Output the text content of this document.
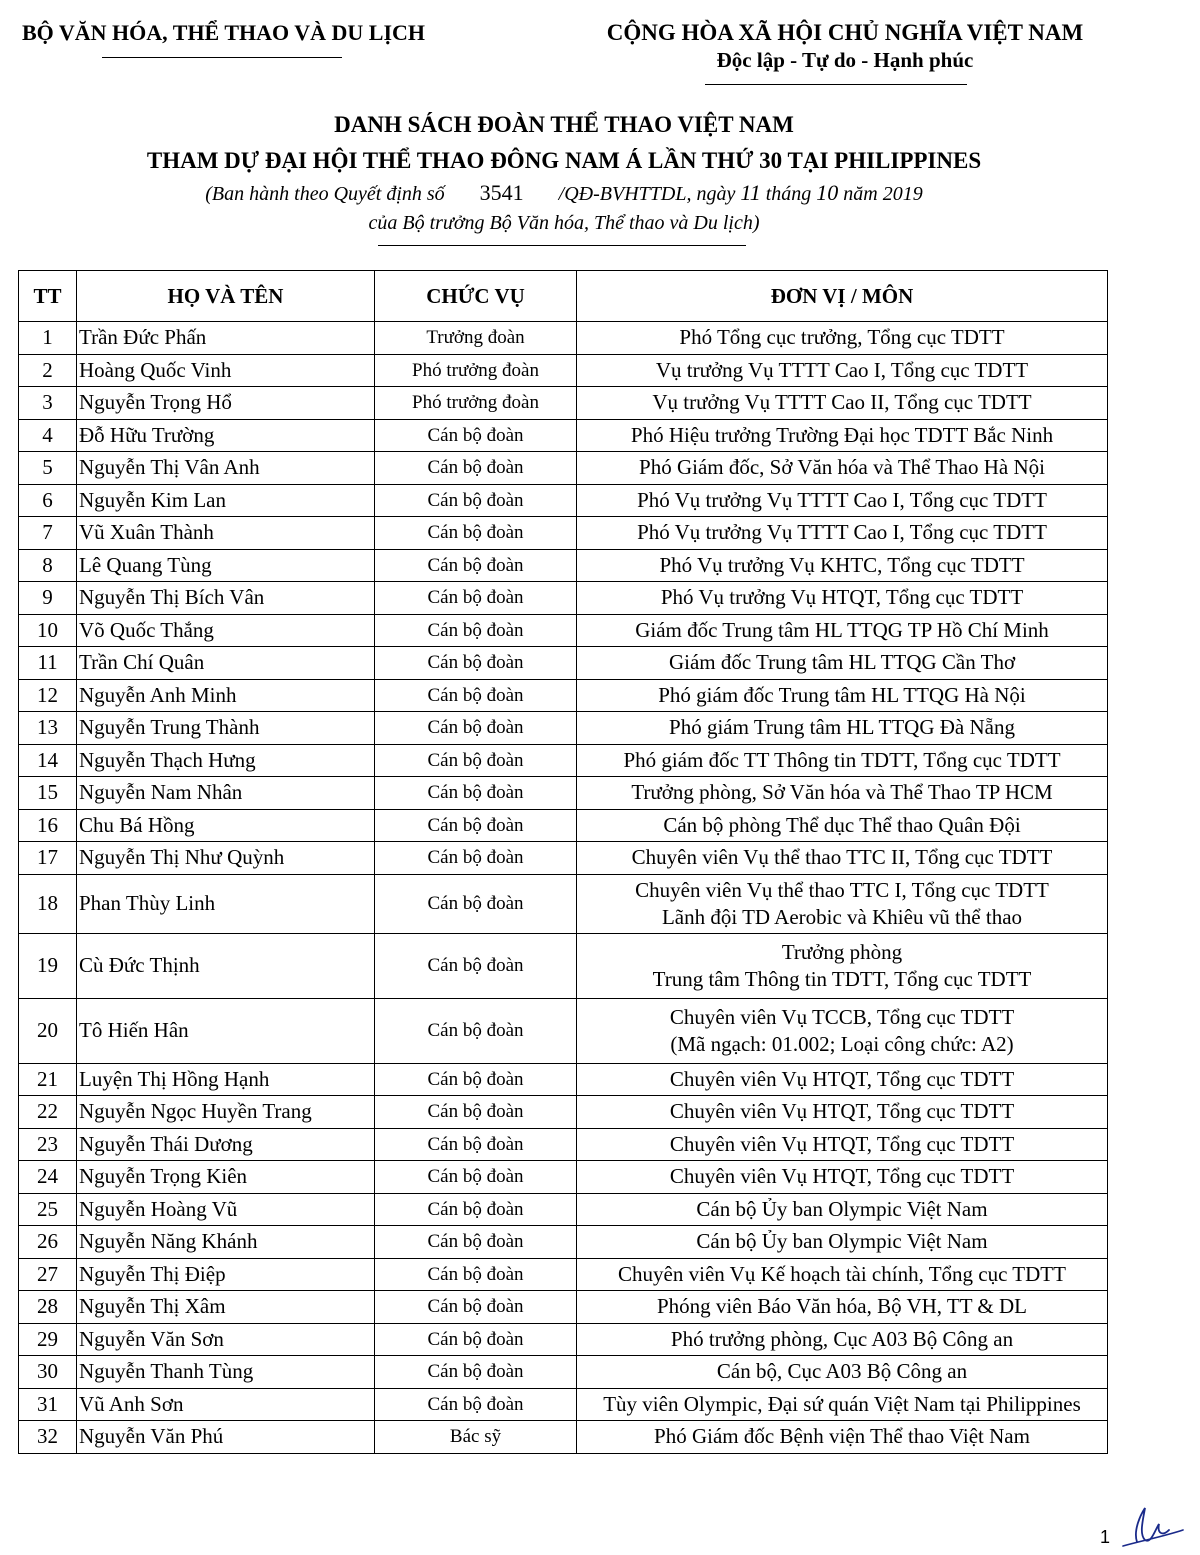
BỘ VĂN HÓA, THỂ THAO VÀ DU LỊCH	CỘNG HÒA XÃ HỘI CHỦ NGHĨA VIỆT NAM
Độc lập - Tự do - Hạnh phúc
DANH SÁCH ĐOÀN THỂ THAO VIỆT NAM
THAM DỰ ĐẠI HỘI THỂ THAO ĐÔNG NAM Á LẦN THỨ 30 TẠI PHILIPPINES
(Ban hành theo Quyết định số 3541 /QĐ-BVHTTDL, ngày 11 tháng 10 năm 2019
của Bộ trưởng Bộ Văn hóa, Thể thao và Du lịch)
TT	HỌ VÀ TÊN	CHỨC VỤ	ĐƠN VỊ / MÔN
1	Trần Đức Phấn	Trưởng đoàn	Phó Tổng cục trưởng, Tổng cục TDTT

2	Hoàng Quốc Vinh	Phó trưởng đoàn	Vụ trưởng Vụ TTTT Cao I, Tổng cục TDTT

3	Nguyễn Trọng Hổ	Phó trưởng đoàn	Vụ trưởng Vụ TTTT Cao II, Tổng cục TDTT

4	Đỗ Hữu Trường	Cán bộ đoàn	Phó Hiệu trưởng Trường Đại học TDTT Bắc Ninh

5	Nguyễn Thị Vân Anh	Cán bộ đoàn	Phó Giám đốc, Sở Văn hóa và Thể Thao Hà Nội

6	Nguyễn Kim Lan	Cán bộ đoàn	Phó Vụ trưởng Vụ TTTT Cao I, Tổng cục TDTT

7	Vũ Xuân Thành	Cán bộ đoàn	Phó Vụ trưởng Vụ TTTT Cao I, Tổng cục TDTT

8	Lê Quang Tùng	Cán bộ đoàn	Phó Vụ trưởng Vụ KHTC, Tổng cục TDTT

9	Nguyễn Thị Bích Vân	Cán bộ đoàn	Phó Vụ trưởng Vụ HTQT, Tổng cục TDTT

10	Võ Quốc Thắng	Cán bộ đoàn	Giám đốc Trung tâm HL TTQG TP Hồ Chí Minh

11	Trần Chí Quân	Cán bộ đoàn	Giám đốc Trung tâm HL TTQG Cần Thơ

12	Nguyễn Anh Minh	Cán bộ đoàn	Phó giám đốc Trung tâm HL TTQG Hà Nội

13	Nguyễn Trung Thành	Cán bộ đoàn	Phó giám Trung tâm HL TTQG Đà Nẵng

14	Nguyễn Thạch Hưng	Cán bộ đoàn	Phó giám đốc TT Thông tin TDTT, Tổng cục TDTT

15	Nguyễn Nam Nhân	Cán bộ đoàn	Trưởng phòng, Sở Văn hóa và Thể Thao TP HCM

16	Chu Bá Hồng	Cán bộ đoàn	Cán bộ phòng Thể dục Thể thao Quân Đội

17	Nguyễn Thị Như Quỳnh	Cán bộ đoàn	Chuyên viên Vụ thể thao TTC II, Tổng cục TDTT

18	Phan Thùy Linh	Cán bộ đoàn	Chuyên viên Vụ thể thao TTC I, Tổng cục TDTT
Lãnh đội TD Aerobic và Khiêu vũ thể thao

19	Cù Đức Thịnh	Cán bộ đoàn	Trưởng phòng
Trung tâm Thông tin TDTT, Tổng cục TDTT

20	Tô Hiến Hân	Cán bộ đoàn	Chuyên viên Vụ TCCB, Tổng cục TDTT
(Mã ngạch: 01.002; Loại công chức: A2)

21	Luyện Thị Hồng Hạnh	Cán bộ đoàn	Chuyên viên Vụ HTQT, Tổng cục TDTT

22	Nguyễn Ngọc Huyền Trang	Cán bộ đoàn	Chuyên viên Vụ HTQT, Tổng cục TDTT

23	Nguyễn Thái Dương	Cán bộ đoàn	Chuyên viên Vụ HTQT, Tổng cục TDTT

24	Nguyễn Trọng Kiên	Cán bộ đoàn	Chuyên viên Vụ HTQT, Tổng cục TDTT

25	Nguyễn Hoàng Vũ	Cán bộ đoàn	Cán bộ Ủy ban Olympic Việt Nam

26	Nguyễn Năng Khánh	Cán bộ đoàn	Cán bộ Ủy ban Olympic Việt Nam

27	Nguyễn Thị Điệp	Cán bộ đoàn	Chuyên viên Vụ Kế hoạch tài chính, Tổng cục TDTT

28	Nguyễn Thị Xâm	Cán bộ đoàn	Phóng viên Báo Văn hóa, Bộ VH, TT & DL

29	Nguyễn Văn Sơn	Cán bộ đoàn	Phó trưởng phòng, Cục A03 Bộ Công an

30	Nguyễn Thanh Tùng	Cán bộ đoàn	Cán bộ, Cục A03 Bộ Công an

31	Vũ Anh Sơn	Cán bộ đoàn	Tùy viên Olympic, Đại sứ quán Việt Nam tại Philippines

32	Nguyễn Văn Phú	Bác sỹ	Phó Giám đốc Bệnh viện Thể thao Việt Nam
1
